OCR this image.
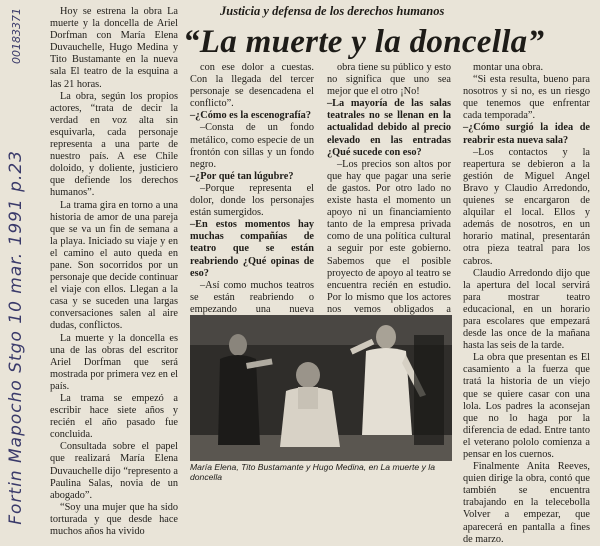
00183371
Fortin Mapocho Stgo 10 mar. 1991 p.23
Justicia y defensa de los derechos humanos
“La muerte y la doncella”

Hoy se estrena la obra La muerte y la doncella de Ariel Dorfman con María Elena Duvauchelle, Hugo Medina y Tito Bustamante en la nueva sala El teatro de la esquina a las 21 horas.

La obra, según los propios actores, “trata de decir la verdad en voz alta sin esquivarla, cada personaje representa a una parte de nuestro país. A ese Chile doloido, y doliente, justiciero que defiende los derechos humanos”.

La trama gira en torno a una historia de amor de una pareja que se va un fin de semana a la playa. Iniciado su viaje y en el camino el auto queda en pane. Son socorridos por un personaje que decide continuar el viaje con ellos. Llegan a la casa y se suceden una largas conversaciones salen al aire dudas, conflictos.

La muerte y la doncella es una de las obras del escritor Ariel Dorfman que será mostrada por primera vez en el país.

La trama se empezó a escribir hace siete años y recién el año pasado fue concluida.

Consultada sobre el papel que realizará María Elena Duvauchelle dijo “represento a Paulina Salas, novia de un abogado”.

“Soy una mujer que ha sido torturada y que desde hace muchos años ha vivido

con ese dolor a cuestas. Con la llegada del tercer personaje se desencadena el conflicto”.

–¿Cómo es la escenografía?

–Consta de un fondo metálico, como especie de un frontón con sillas y un fondo negro.

–¿Por qué tan lúgubre?

–Porque representa el dolor, donde los personajes están sumergidos.

–En estos momentos hay muchas compañías de teatro que se están reabriendo ¿Qué opinas de eso?

–Así como muchos teatros se están reabriendo o empezando una nueva

obra tiene su público y esto no significa que uno sea mejor que el otro ¡No!

–La mayoría de las salas teatrales no se llenan en la actualidad debido al precio elevado en las entradas ¿Qué sucede con eso?

–Los precios son altos por que hay que pagar una serie de gastos. Por otro lado no existe hasta el momento un apoyo ni un financiamiento tanto de la empresa privada como de una política cultural a seguir por este gobierno. Sabemos que el posible proyecto de apoyo al teatro se encuentra recién en estudio. Por lo mismo que los actores nos vemos obligados a

montar una obra.

“Si esta resulta, bueno para nosotros y si no, es un riesgo que tenemos que enfrentar cada temporada”.

–¿Cómo surgió la idea de reabrir esta nueva sala?

–Los contactos y la reapertura se debieron a la gestión de Miguel Angel Bravo y Claudio Arredondo, quienes se encargaron de alquilar el local. Ellos y además de nosotros, en un horario matinal, presentarán otra pieza teatral para los cabros.

Claudio Arredondo dijo que la apertura del local servirá para mostrar teatro educacional, en un horario para escolares que empezará desde las once de la mañana hasta las seis de la tarde.

La obra que presentan es El casamiento a la fuerza que tratá la historia de un viejo que se quiere casar con una lola. Los padres la aconsejan que no lo haga por la diferencia de edad. Entre tanto el veterano pololo comienza a pensar en los cuernos.

Finalmente Anita Reeves, quien dirige la obra, contó que también se encuentra trabajando en la telecebolla Volver a empezar, que aparecerá en pantalla a fines de marzo.

María Elena, Tito Bustamante y Hugo Medina, en La muerte y la doncella
